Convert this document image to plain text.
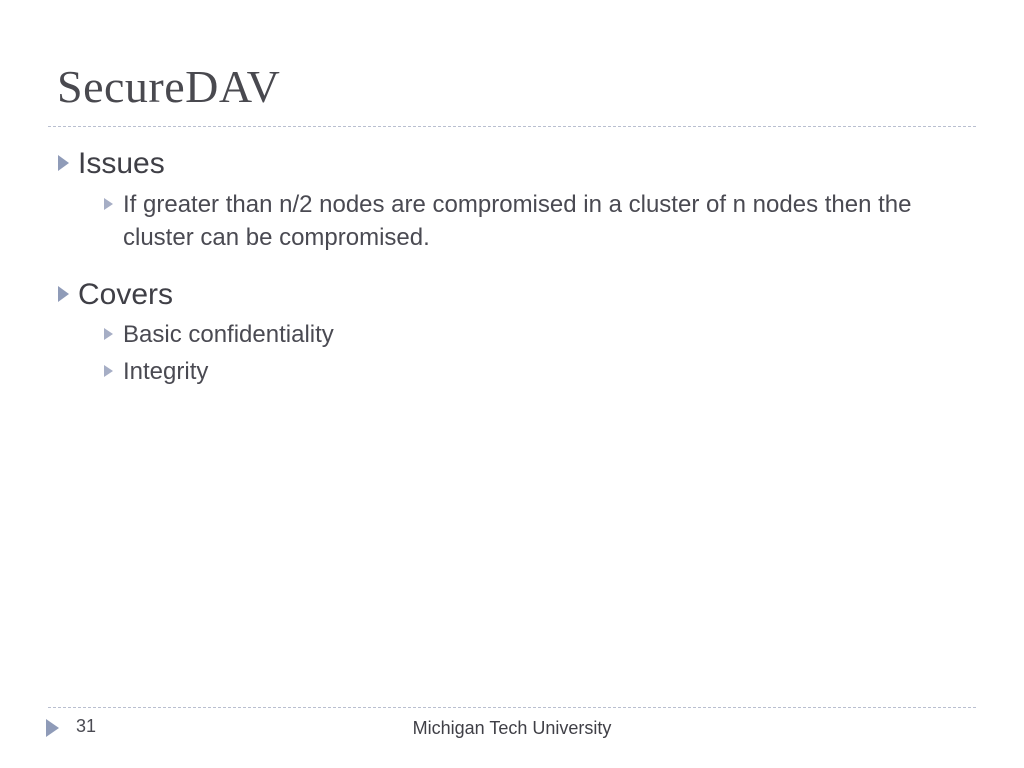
SecureDAV
Issues
If greater than n/2 nodes are compromised in a cluster of n nodes then the cluster can be compromised.
Covers
Basic confidentiality
Integrity
31	Michigan Tech University
